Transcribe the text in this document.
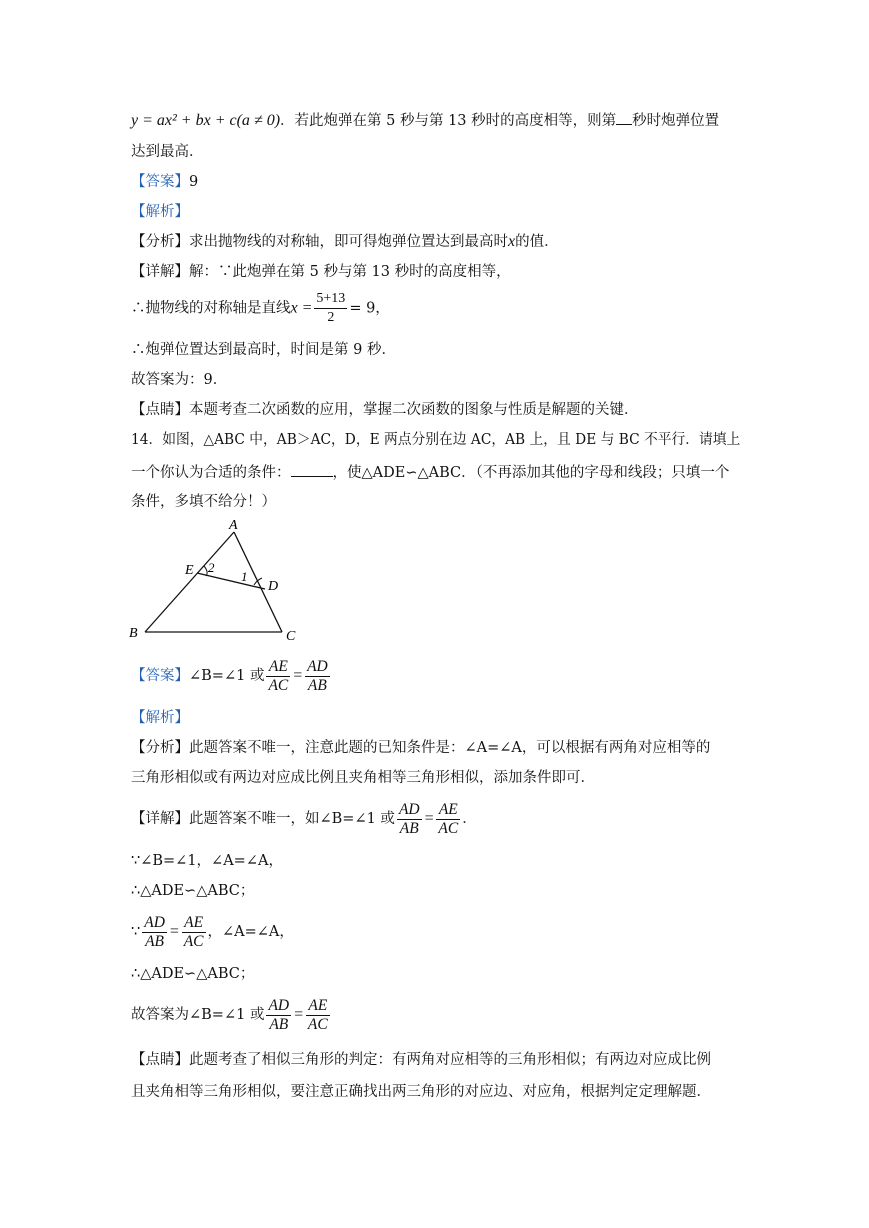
y = ax² + bx + c(a ≠ 0)．若此炮弹在第 5 秒与第 13 秒时的高度相等，则第 秒时炮弹位置
达到最高．
【答案】9
【解析】
【分析】求出抛物线的对称轴，即可得炮弹位置达到最高时x的值．
【详解】解：∵此炮弹在第 5 秒与第 13 秒时的高度相等，
∴抛物线的对称轴是直线$x = \frac{5+13}{2} = 9$，
∴炮弹位置达到最高时，时间是第 9 秒．
故答案为：9．
【点睛】本题考查二次函数的应用，掌握二次函数的图象与性质是解题的关键．
14．如图，△ABC 中，AB＞AC，D，E 两点分别在边 AC，AB 上，且 DE 与 BC 不平行．请填上
一个你认为合适的条件：	，使△ADE∽△ABC．（不再添加其他的字母和线段；只填一个
条件，多填不给分！）
A
B	C
D
E	1
2
【答案】∠B=∠1 或 $\frac{AE}{AC} = \frac{AD}{AB}$
【解析】
【分析】此题答案不唯一，注意此题的已知条件是：∠A=∠A，可以根据有两角对应相等的
三角形相似或有两边对应成比例且夹角相等三角形相似，添加条件即可．
【详解】此题答案不唯一，如∠B=∠1 或 $\frac{AD}{AB} = \frac{AE}{AC}$ ．
∵∠B=∠1，∠A=∠A，
∴△ADE∽△ABC；
∵ $\frac{AD}{AB} = \frac{AE}{AC}$ ，∠A=∠A，
∴△ADE∽△ABC；
故答案为∠B=∠1 或 $\frac{AD}{AB} = \frac{AE}{AC}$
【点睛】此题考查了相似三角形的判定：有两角对应相等的三角形相似；有两边对应成比例
且夹角相等三角形相似，要注意正确找出两三角形的对应边、对应角，根据判定定理解题．
